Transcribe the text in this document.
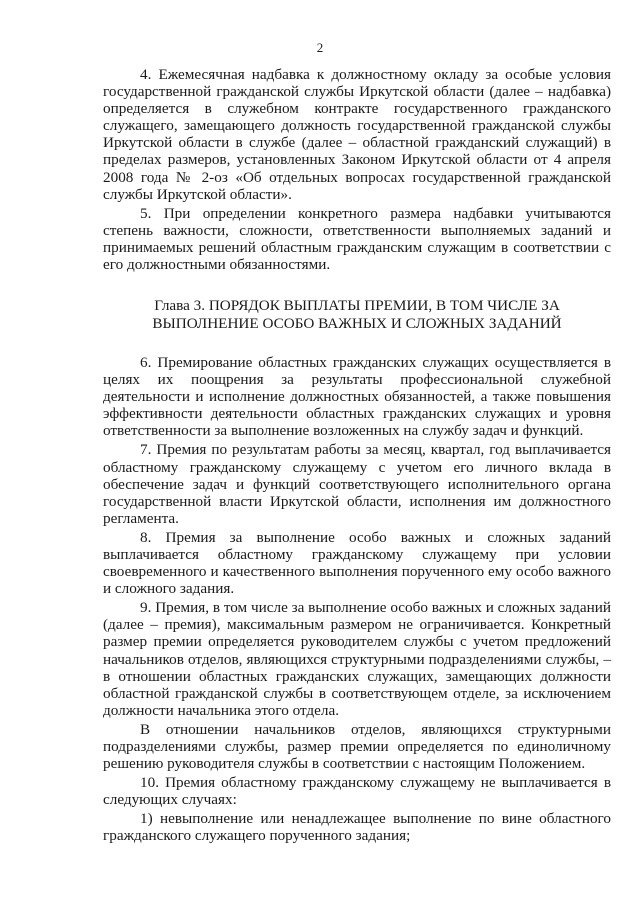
2

4. Ежемесячная надбавка к должностному окладу за особые условия государственной гражданской службы Иркутской области (далее – надбавка) определяется в служебном контракте государственного гражданского служащего, замещающего должность государственной гражданской службы Иркутской области в службе (далее – областной гражданский служащий) в пределах размеров, установленных Законом Иркутской области от 4 апреля 2008 года № 2-оз «Об отдельных вопросах государственной гражданской службы Иркутской области».

5. При определении конкретного размера надбавки учитываются степень важности, сложности, ответственности выполняемых заданий и принимаемых решений областным гражданским служащим в соответствии с его должностными обязанностями.

Глава 3. ПОРЯДОК ВЫПЛАТЫ ПРЕМИИ, В ТОМ ЧИСЛЕ ЗА
ВЫПОЛНЕНИЕ ОСОБО ВАЖНЫХ И СЛОЖНЫХ ЗАДАНИЙ

6. Премирование областных гражданских служащих осуществляется в целях их поощрения за результаты профессиональной служебной деятельности и исполнение должностных обязанностей, а также повышения эффективности деятельности областных гражданских служащих и уровня ответственности за выполнение возложенных на службу задач и функций.

7. Премия по результатам работы за месяц, квартал, год выплачивается областному гражданскому служащему с учетом его личного вклада в обеспечение задач и функций соответствующего исполнительного органа государственной власти Иркутской области, исполнения им должностного регламента.

8. Премия за выполнение особо важных и сложных заданий выплачивается областному гражданскому служащему при условии своевременного и качественного выполнения порученного ему особо важного и сложного задания.

9. Премия, в том числе за выполнение особо важных и сложных заданий (далее – премия), максимальным размером не ограничивается. Конкретный размер премии определяется руководителем службы с учетом предложений начальников отделов, являющихся структурными подразделениями службы, – в отношении областных гражданских служащих, замещающих должности областной гражданской службы в соответствующем отделе, за исключением должности начальника этого отдела.

В отношении начальников отделов, являющихся структурными подразделениями службы, размер премии определяется по единоличному решению руководителя службы в соответствии с настоящим Положением.

10. Премия областному гражданскому служащему не выплачивается в следующих случаях:

1) невыполнение или ненадлежащее выполнение по вине областного гражданского служащего порученного задания;
